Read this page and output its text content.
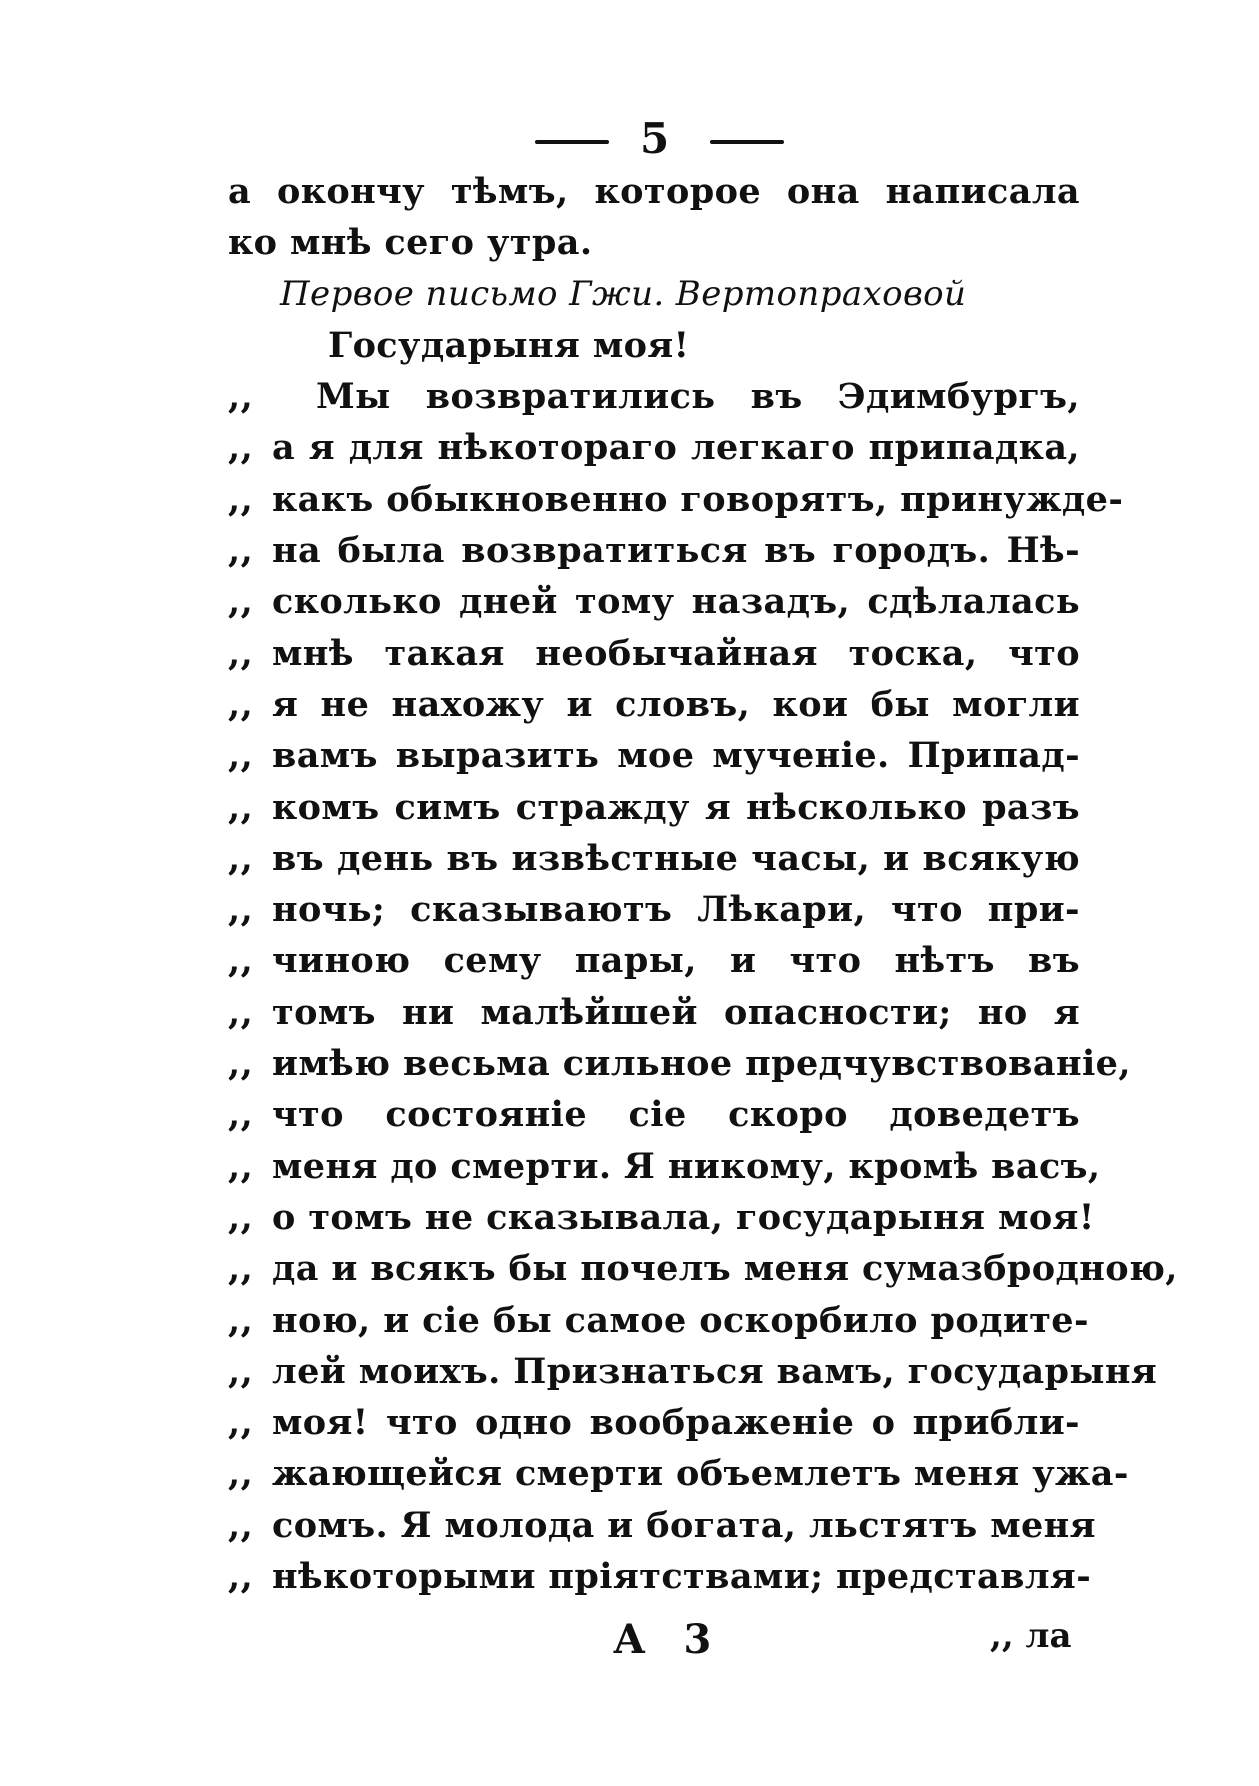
5
а окончу тѣмъ, которое она написала
ко мнѣ сего утра.
Первое письмо Гжи. Вертопраховой
Государыня моя!
,, Мы возвратились въ Эдимбургъ,
,, а я для нѣкотораго легкаго припадка,
,, какъ обыкновенно говорятъ, принужде-
,, на была возвратиться въ городъ. Нѣ-
,, сколько дней тому назадъ, сдѣлалась
,, мнѣ такая необычайная тоска, что
,, я не нахожу и словъ, кои бы могли
,, вамъ выразить мое мученіе. Припад-
,, комъ симъ стражду я нѣсколько разъ
,, въ день въ извѣстные часы, и всякую
,, ночь; сказываютъ Лѣкари, что при-
,, чиною сему пары, и что нѣтъ въ
,, томъ ни малѣйшей опасности; но я
,, имѣю весьма сильное предчувствованіе,
,, что состояніе сіе скоро доведетъ
,, меня до смерти. Я никому, кромѣ васъ,
,, о томъ не сказывала, государыня моя!
,, да и всякъ бы почелъ меня сумазбродною,
,, ною, и сіе бы самое оскорбило родите-
,, лей моихъ. Признаться вамъ, государыня
,, моя! что одно воображеніе о прибли-
,, жающейся смерти объемлетъ меня ужа-
,, сомъ. Я молода и богата, льстятъ меня
,, нѣкоторыми пріятствами; представля-
А 3	,, ла
